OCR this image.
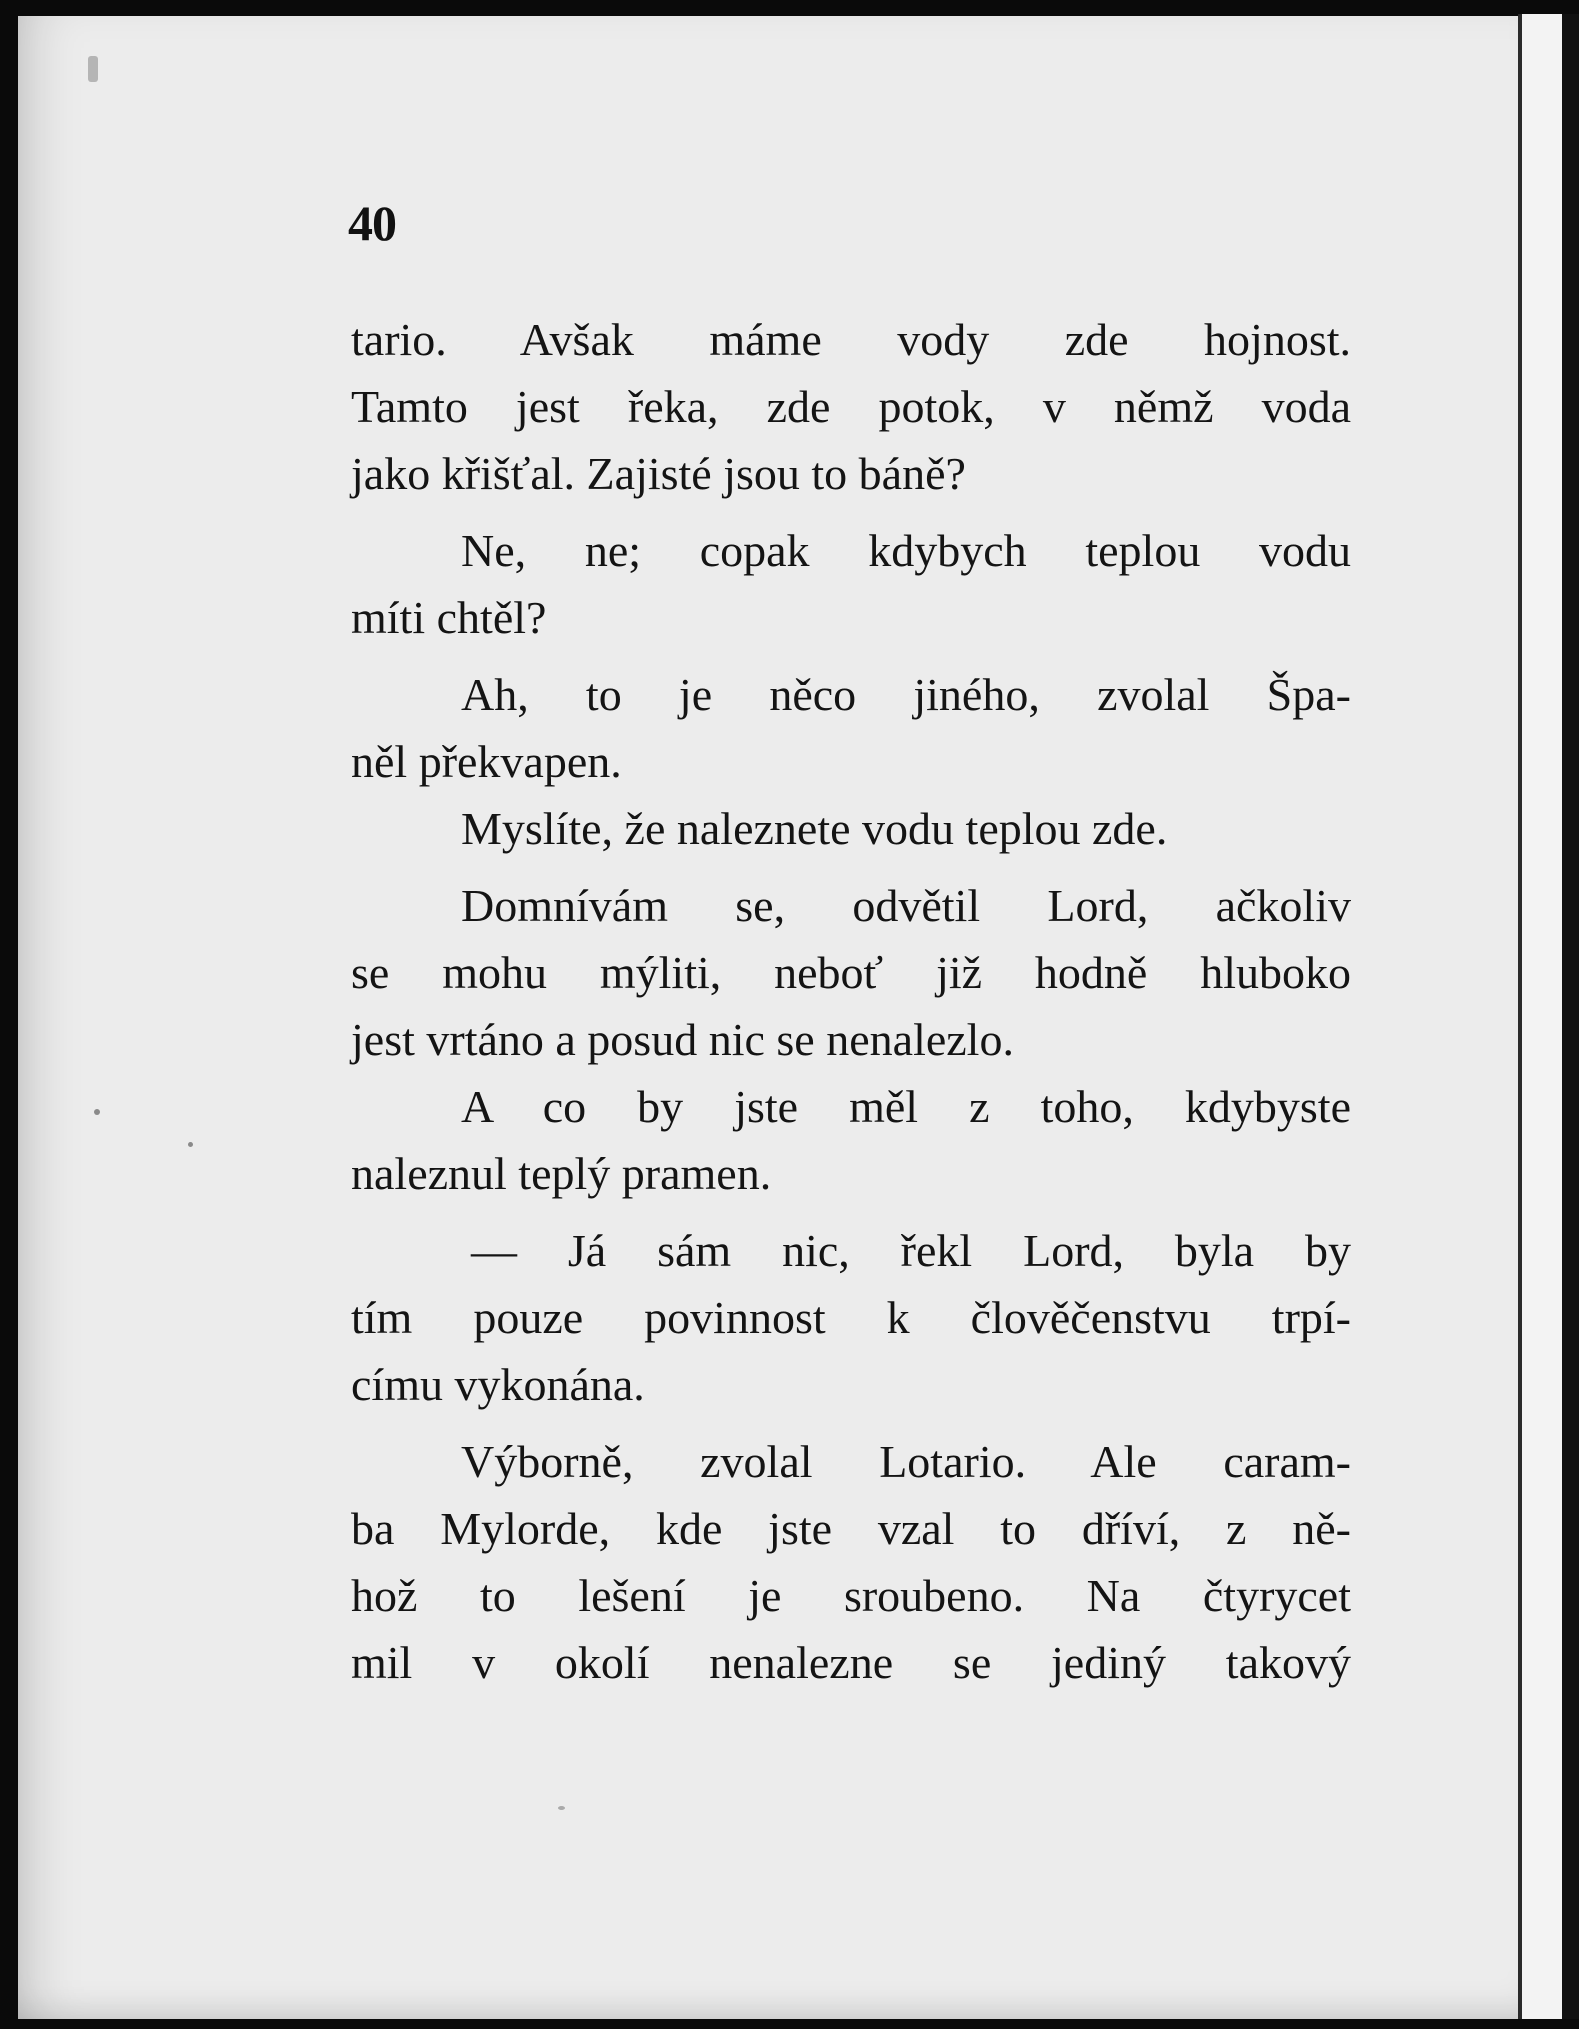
40
tario. Avšak máme vody zde hojnost.
Tamto jest řeka, zde potok, v němž voda
jako křišťal. Zajisté jsou to báně?
Ne, ne; copak kdybych teplou vodu
míti chtěl?
Ah, to je něco jiného, zvolal Špa-
něl překvapen.
Myslíte, že naleznete vodu teplou zde.
Domnívám se, odvětil Lord, ačkoliv
se mohu mýliti, neboť již hodně hluboko
jest vrtáno a posud nic se nenalezlo.
A co by jste měl z toho, kdybyste
naleznul teplý pramen.
— Já sám nic, řekl Lord, byla by
tím pouze povinnost k člověčenstvu trpí-
címu vykonána.
Výborně, zvolal Lotario. Ale caram-
ba Mylorde, kde jste vzal to dříví, z ně-
hož to lešení je sroubeno. Na čtyrycet
mil v okolí nenalezne se jediný takový
